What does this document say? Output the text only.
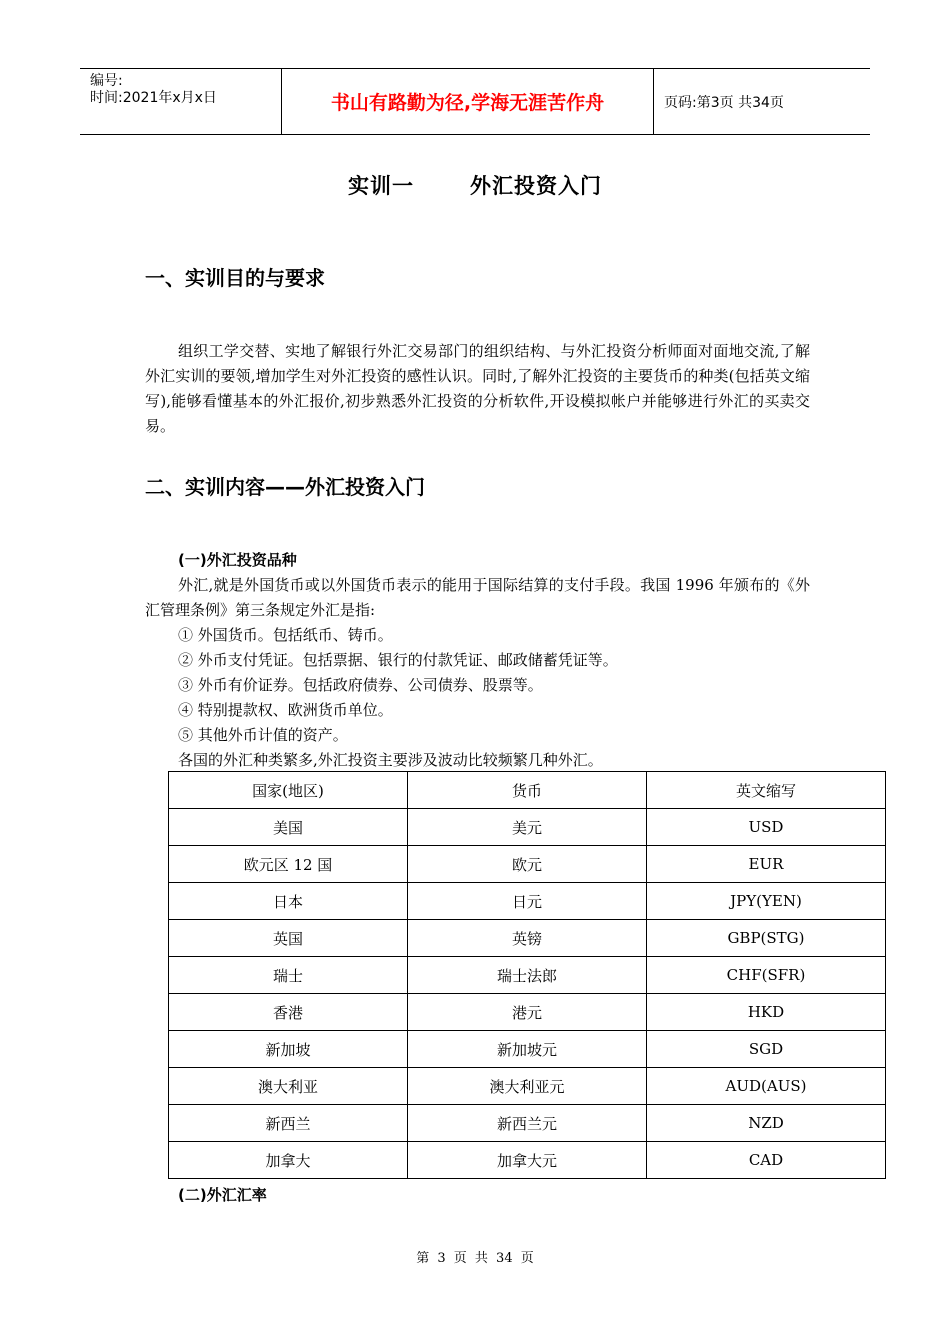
编号:
时间:2021年x月x日	书山有路勤为径,学海无涯苦作舟	页码:第3页 共34页
实训一	外汇投资入门
一、实训目的与要求
组织工学交替、实地了解银行外汇交易部门的组织结构、与外汇投资分析师面对面地交流,了解外汇实训的要领,增加学生对外汇投资的感性认识。同时,了解外汇投资的主要货币的种类(包括英文缩写),能够看懂基本的外汇报价,初步熟悉外汇投资的分析软件,开设模拟帐户并能够进行外汇的买卖交易。
二、实训内容——外汇投资入门
(一)外汇投资品种
外汇,就是外国货币或以外国货币表示的能用于国际结算的支付手段。我国 1996 年颁布的《外汇管理条例》第三条规定外汇是指:
① 外国货币。包括纸币、铸币。
② 外币支付凭证。包括票据、银行的付款凭证、邮政储蓄凭证等。
③ 外币有价证券。包括政府债券、公司债券、股票等。
④ 特别提款权、欧洲货币单位。
⑤ 其他外币计值的资产。
各国的外汇种类繁多,外汇投资主要涉及波动比较频繁几种外汇。
国家(地区)	货币	英文缩写
美国	美元	USD
欧元区 12 国	欧元	EUR
日本	日元	JPY(YEN)
英国	英镑	GBP(STG)
瑞士	瑞士法郎	CHF(SFR)
香港	港元	HKD
新加坡	新加坡元	SGD
澳大利亚	澳大利亚元	AUD(AUS)
新西兰	新西兰元	NZD
加拿大	加拿大元	CAD
(二)外汇汇率
第 3 页 共 34 页
